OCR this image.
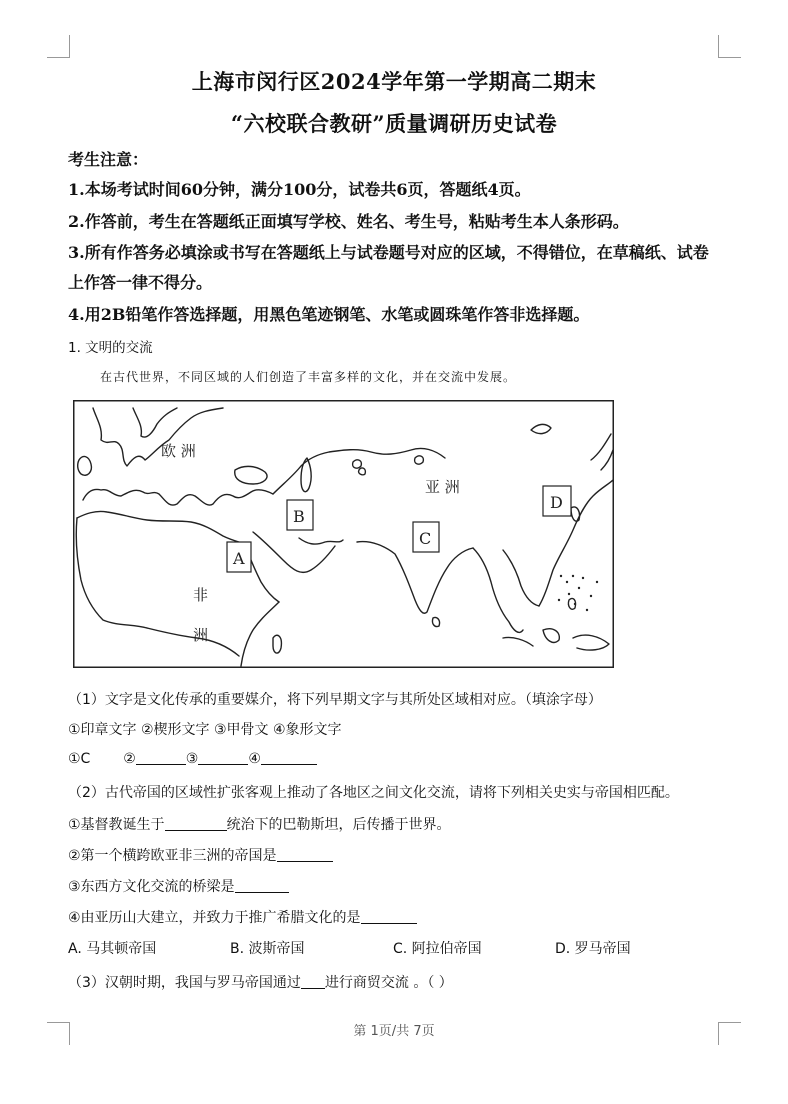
上海市闵行区2024学年第一学期高二期末
“六校联合教研”质量调研历史试卷
考生注意：
1.本场考试时间60分钟，满分100分，试卷共6页，答题纸4页。
2.作答前，考生在答题纸正面填写学校、姓名、考生号，粘贴考生本人条形码。
3.所有作答务必填涂或书写在答题纸上与试卷题号对应的区域，不得错位，在草稿纸、试卷
上作答一律不得分。
4.用2B铅笔作答选择题，用黑色笔迹钢笔、水笔或圆珠笔作答非选择题。
1. 文明的交流
在古代世界，不同区域的人们创造了丰富多样的文化，并在交流中发展。
欧 洲
亚 洲
非
洲
A
B
C
D
（1）文字是文化传承的重要媒介，将下列早期文字与其所处区域相对应。（填涂字母）
①印章文字 ②楔形文字 ③甲骨文 ④象形文字
①C ②	③	④
（2）古代帝国的区域性扩张客观上推动了各地区之间文化交流，请将下列相关史实与帝国相匹配。
①基督教诞生于	统治下的巴勒斯坦，后传播于世界。
②第一个横跨欧亚非三洲的帝国是
③东西方文化交流的桥梁是
④由亚历山大建立，并致力于推广希腊文化的是
A. 马其顿帝国	B. 波斯帝国	C. 阿拉伯帝国	D. 罗马帝国
（3）汉朝时期，我国与罗马帝国通过 进行商贸交流 。（ ）
第 1页/共 7页
